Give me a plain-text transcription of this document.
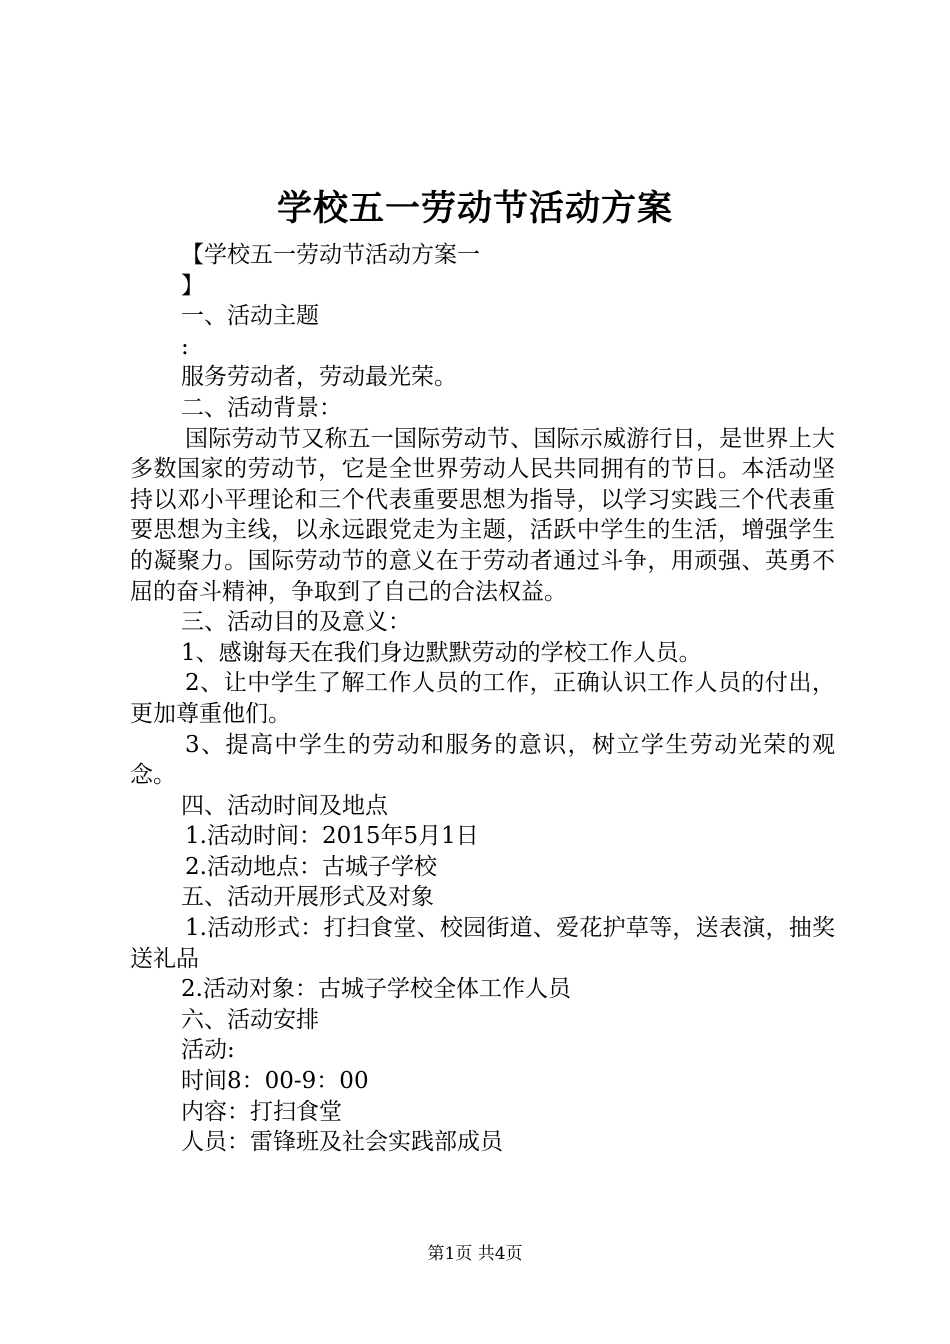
学校五一劳动节活动方案
【学校五一劳动节活动方案一
】
一、活动主题
:
服务劳动者，劳动最光荣。
二、活动背景：
国际劳动节又称五一国际劳动节、国际示威游行日，是世界上大多数国家的劳动节，它是全世界劳动人民共同拥有的节日。本活动坚持以邓小平理论和三个代表重要思想为指导，以学习实践三个代表重要思想为主线，以永远跟党走为主题，活跃中学生的生活，增强学生的凝聚力。国际劳动节的意义在于劳动者通过斗争，用顽强、英勇不屈的奋斗精神，争取到了自己的合法权益。
三、活动目的及意义：
1、感谢每天在我们身边默默劳动的学校工作人员。
2、让中学生了解工作人员的工作，正确认识工作人员的付出，更加尊重他们。
3、提高中学生的劳动和服务的意识，树立学生劳动光荣的观念。
四、活动时间及地点
1.活动时间：2015年5月1日
2.活动地点：古城子学校
五、活动开展形式及对象
1.活动形式：打扫食堂、校园街道、爱花护草等，送表演，抽奖送礼品
2.活动对象：古城子学校全体工作人员
六、活动安排
活动:
时间8：00-9：00
内容：打扫食堂
人员：雷锋班及社会实践部成员
第1页 共4页
